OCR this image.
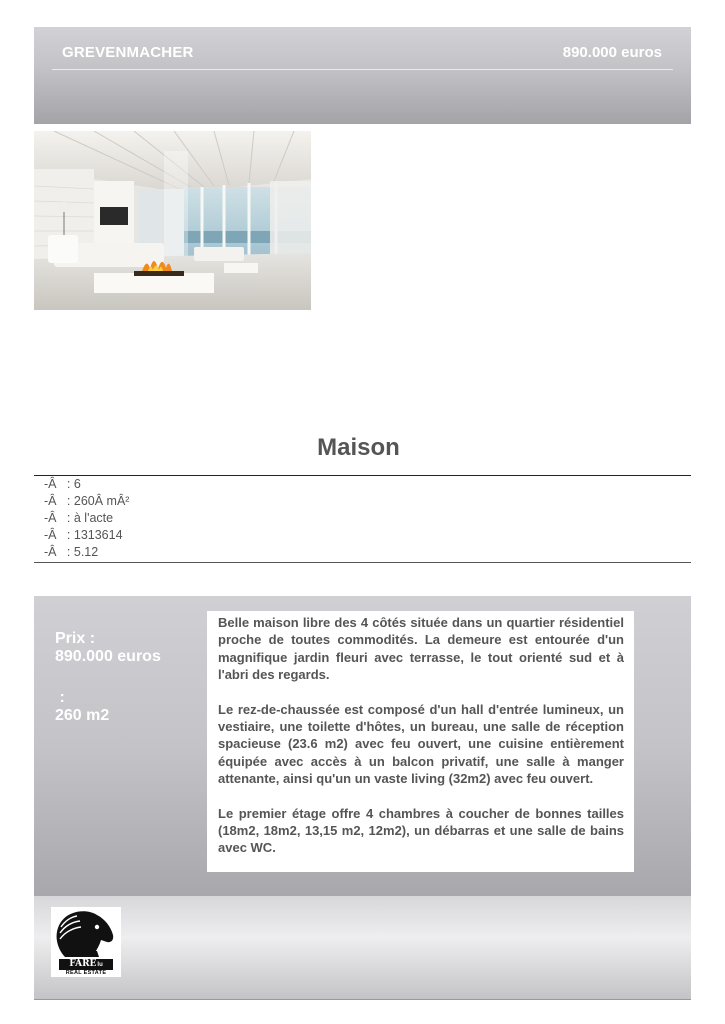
GREVENMACHER	890.000 euros
Maison
-Â   : 6
-Â   : 260Â mÂ²
-Â   : à l'acte
-Â   : 1313614
-Â   : 5.12
Prix :
890.000 euros
:
260 m2

Belle maison libre des 4 côtés située dans un quartier résidentiel proche de toutes commodités. La demeure est entourée d'un magnifique jardin fleuri avec terrasse, le tout orienté sud et à l'abri des regards.

Le rez-de-chaussée est composé d'un hall d'entrée lumineux, un vestiaire, une toilette d'hôtes, un bureau, une salle de réception spacieuse (23.6 m2) avec feu ouvert, une cuisine entièrement équipée avec accès à un balcon privatif, une salle à manger attenante, ainsi qu'un un vaste living (32m2) avec feu ouvert.

Le premier étage offre 4 chambres à coucher de bonnes tailles (18m2, 18m2, 13,15 m2, 12m2), un débarras et une salle de bains avec WC.

FARElu
REAL ESTATE
